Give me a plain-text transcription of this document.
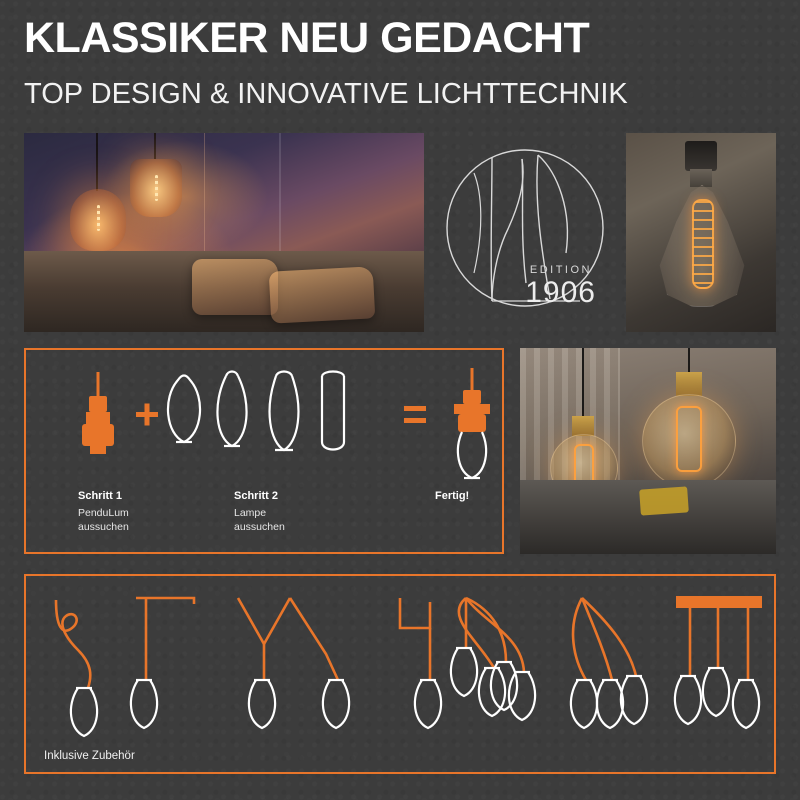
KLASSIKER NEU GEDACHT
TOP DESIGN & INNOVATIVE LICHTTECHNIK
EDITION
1906
Schritt 1
PenduLum
aussuchen
Schritt 2
Lampe
aussuchen
Fertig!
Inklusive Zubehör
